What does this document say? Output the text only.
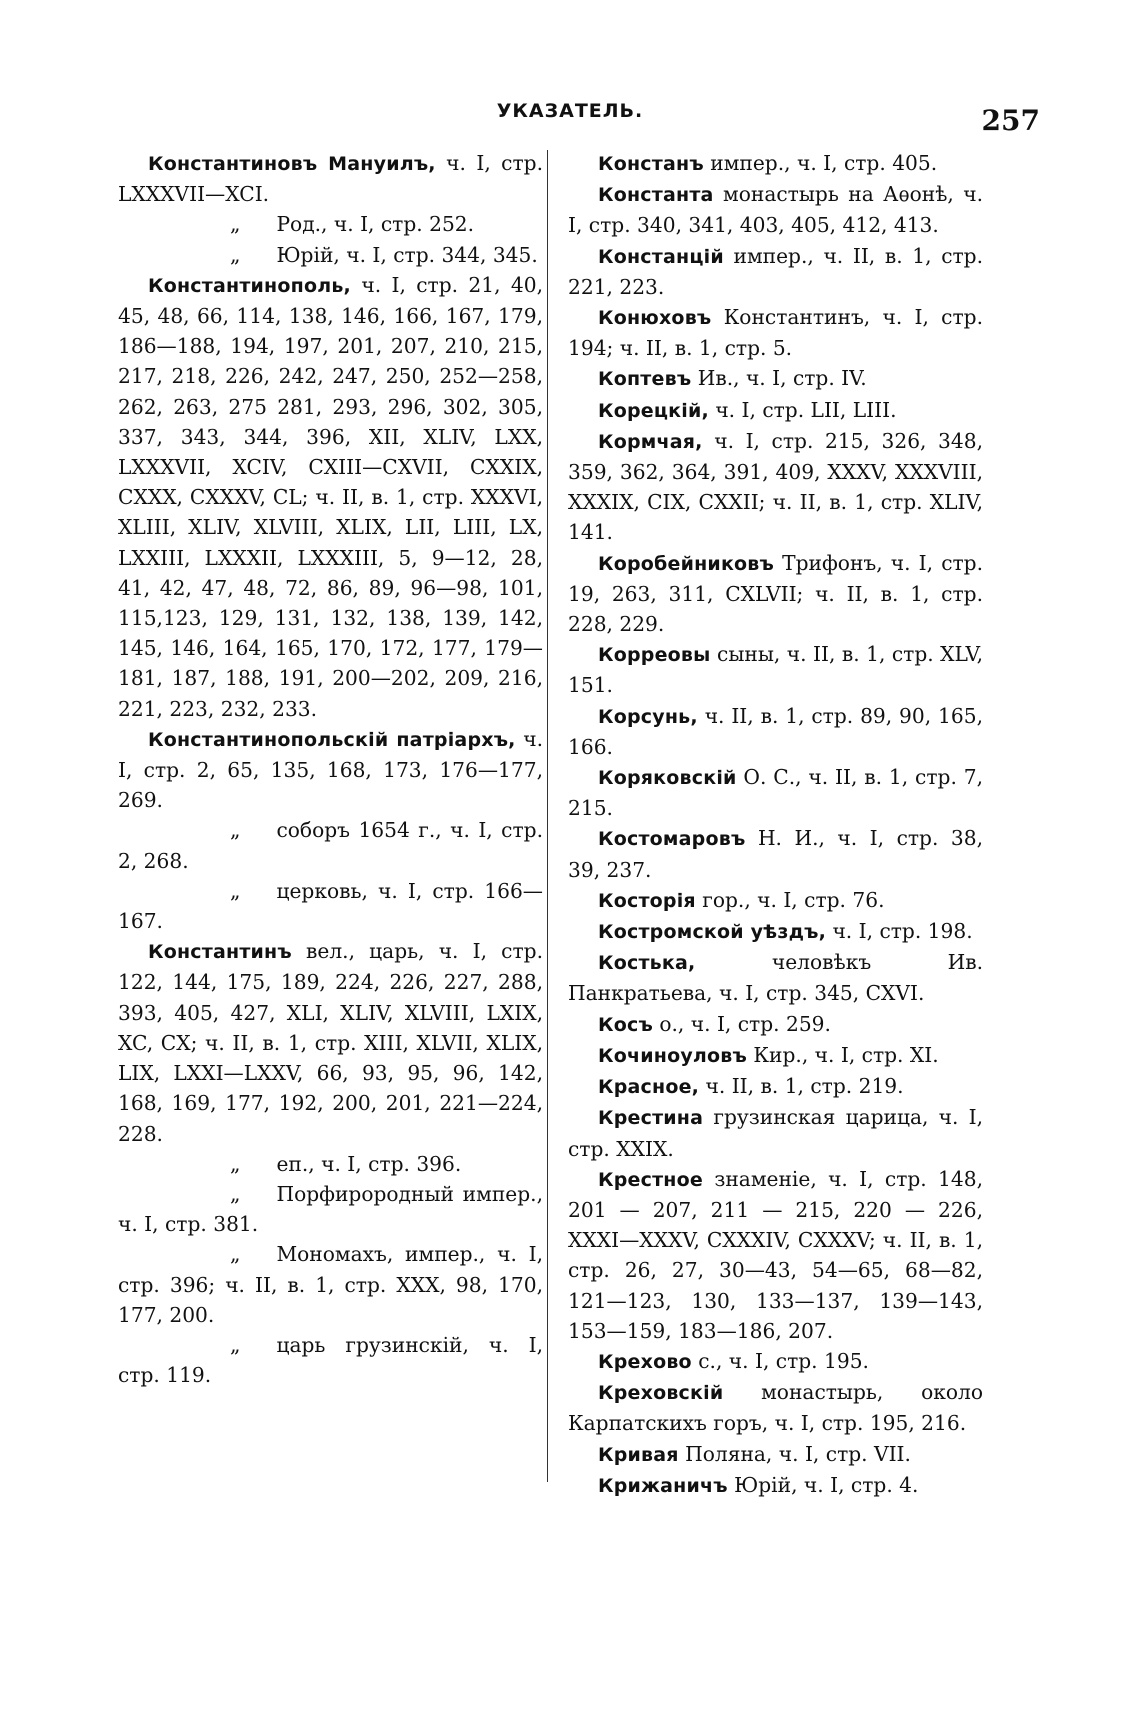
УКАЗАТЕЛЬ.	257

Константиновъ Мануилъ, ч. I, стр. LXXXVII—XCI.

„ Род., ч. I, стр. 252.

„ Юрій, ч. I, стр. 344, 345.

Константинополь, ч. I, стр. 21, 40, 45, 48, 66, 114, 138, 146, 166, 167, 179, 186—188, 194, 197, 201, 207, 210, 215, 217, 218, 226, 242, 247, 250, 252—258, 262, 263, 275 281, 293, 296, 302, 305, 337, 343, 344, 396, XII, XLIV, LXX, LXXXVII, XCIV, CXIII—CXVII, CXXIX, CXXX, CXXXV, CL; ч. II, в. 1, стр. XXXVI, XLIII, XLIV, XLVIII, XLIX, LII, LIII, LX, LXXIII, LXXXII, LXXXIII, 5, 9—12, 28, 41, 42, 47, 48, 72, 86, 89, 96—98, 101, 115,123, 129, 131, 132, 138, 139, 142, 145, 146, 164, 165, 170, 172, 177, 179—181, 187, 188, 191, 200—202, 209, 216, 221, 223, 232, 233.

Константинопольскій патріархъ, ч. I, стр. 2, 65, 135, 168, 173, 176—177, 269.

„ соборъ 1654 г., ч. I, стр. 2, 268.

„ церковь, ч. I, стр. 166—167.

Константинъ вел., царь, ч. I, стр. 122, 144, 175, 189, 224, 226, 227, 288, 393, 405, 427, XLI, XLIV, XLVIII, LXIX, XC, CX; ч. II, в. 1, стр. XIII, XLVII, XLIX, LIX, LXXI—LXXV, 66, 93, 95, 96, 142, 168, 169, 177, 192, 200, 201, 221—224, 228.

„ еп., ч. I, стр. 396.

„ Порфирородный импер., ч. I, стр. 381.

„ Мономахъ, импер., ч. I, стр. 396; ч. II, в. 1, стр. XXX, 98, 170, 177, 200.

„ царь грузинскій, ч. I, стр. 119.

Констанъ импер., ч. I, стр. 405.

Константа монастырь на Аѳонѣ, ч. I, стр. 340, 341, 403, 405, 412, 413.

Констанцій импер., ч. II, в. 1, стр. 221, 223.

Конюховъ Константинъ, ч. I, стр. 194; ч. II, в. 1, стр. 5.

Коптевъ Ив., ч. I, стр. IV.

Корецкій, ч. I, стр. LII, LIII.

Кормчая, ч. I, стр. 215, 326, 348, 359, 362, 364, 391, 409, XXXV, XXXVIII, XXXIX, CIX, CXXII; ч. II, в. 1, стр. XLIV, 141.

Коробейниковъ Трифонъ, ч. I, стр. 19, 263, 311, CXLVII; ч. II, в. 1, стр. 228, 229.

Корреовы сыны, ч. II, в. 1, стр. XLV, 151.

Корсунь, ч. II, в. 1, стр. 89, 90, 165, 166.

Коряковскій О. С., ч. II, в. 1, стр. 7, 215.

Костомаровъ Н. И., ч. I, стр. 38, 39, 237.

Косторія гор., ч. I, стр. 76.

Костромской уѣздъ, ч. I, стр. 198.

Костька,	человѣкъ Ив. Панкратьева, ч. I, стр. 345, CXVI.

Косъ о., ч. I, стр. 259.

Кочиноуловъ Кир., ч. I, стр. XI.

Красное, ч. II, в. 1, стр. 219.

Крестина грузинская царица, ч. I, стр. XXIX.

Крестное знаменіе, ч. I, стр. 148, 201 — 207, 211 — 215, 220 — 226, XXXI—XXXV, CXXXIV, CXXXV; ч. II, в. 1, стр. 26, 27, 30—43, 54—65, 68—82, 121—123, 130, 133—137, 139—143, 153—159, 183—186, 207.

Крехово с., ч. I, стр. 195.

Креховскій монастырь, около Карпатскихъ горъ, ч. I, стр. 195, 216.

Кривая Поляна, ч. I, стр. VII.

Крижаничъ Юрій, ч. I, стр. 4.
